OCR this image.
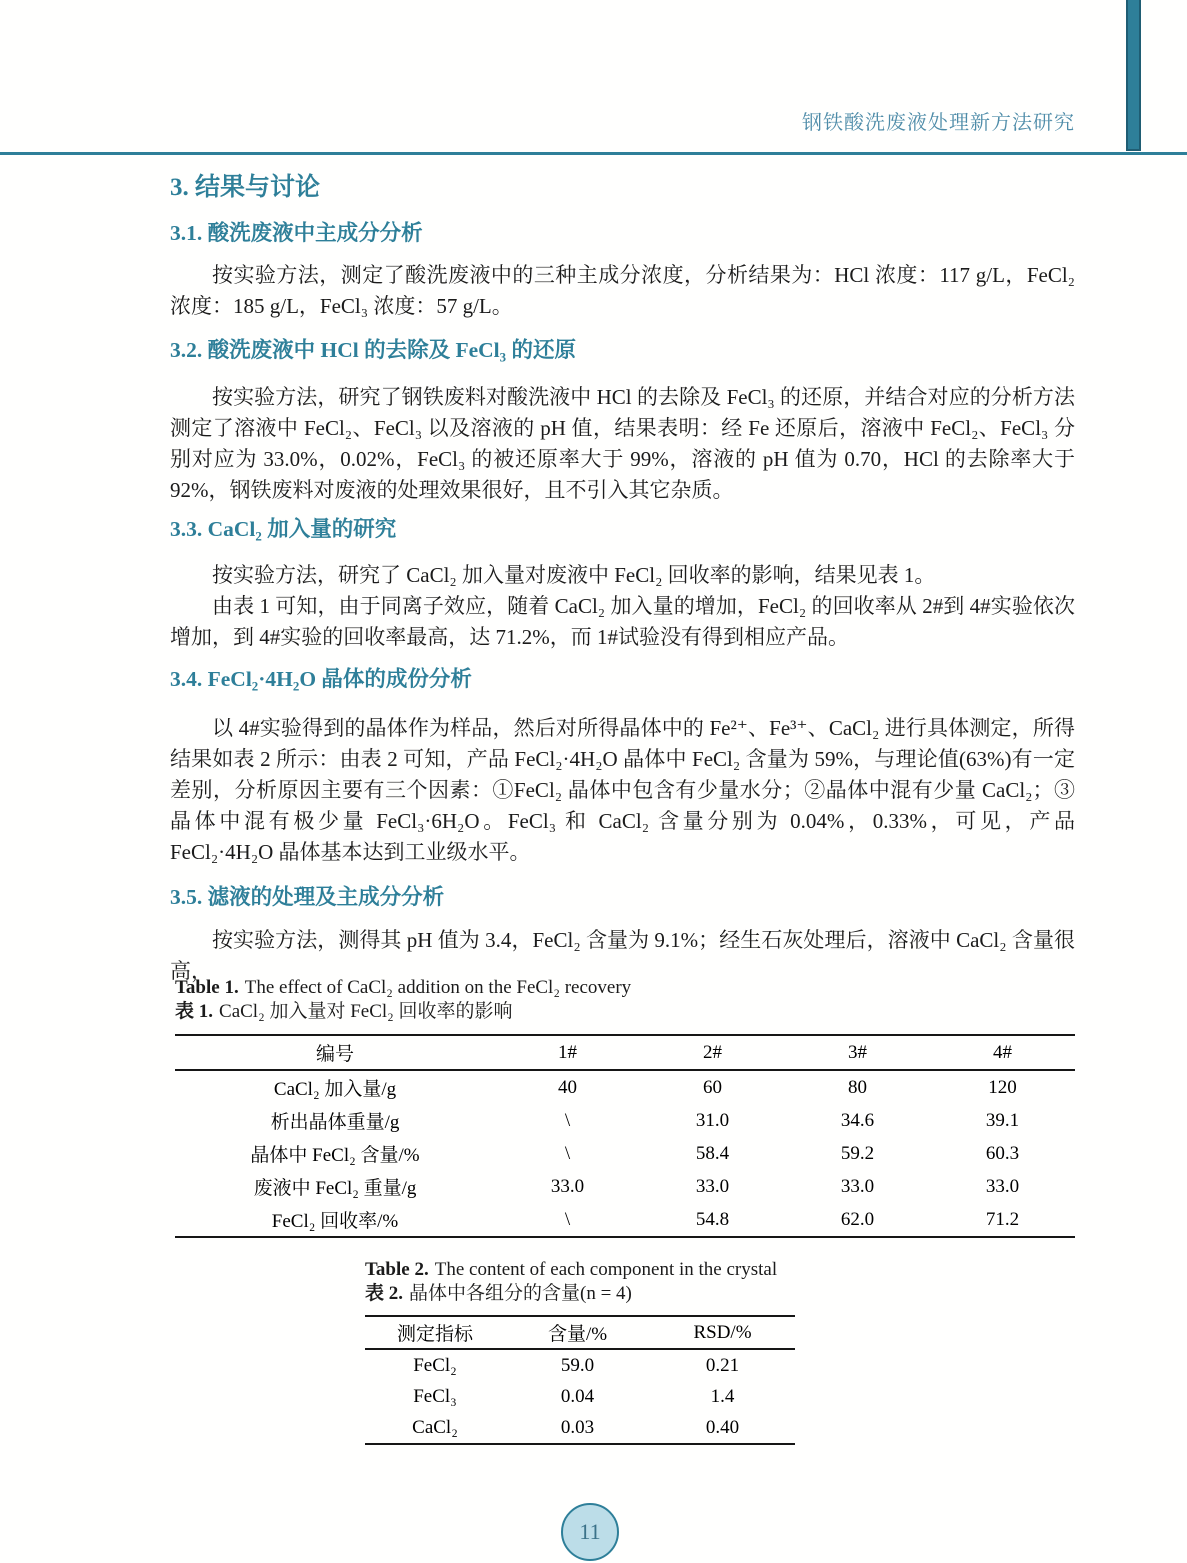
钢铁酸洗废液处理新方法研究
3. 结果与讨论
3.1. 酸洗废液中主成分分析

按实验方法，测定了酸洗废液中的三种主成分浓度，分析结果为：HCl 浓度：117 g/L，FeCl₂浓度：185 g/L，FeCl₃ 浓度：57 g/L。

3.2. 酸洗废液中 HCl 的去除及 FeCl₃ 的还原

按实验方法，研究了钢铁废料对酸洗液中 HCl 的去除及 FeCl₃ 的还原，并结合对应的分析方法测定了溶液中 FeCl₂、FeCl₃ 以及溶液的 pH 值，结果表明：经 Fe 还原后，溶液中 FeCl₂、FeCl₃ 分别对应为 33.0%，0.02%，FeCl₃ 的被还原率大于 99%，溶液的 pH 值为 0.70，HCl 的去除率大于 92%，钢铁废料对废液的处理效果很好，且不引入其它杂质。

3.3. CaCl₂ 加入量的研究

按实验方法，研究了 CaCl₂ 加入量对废液中 FeCl₂ 回收率的影响，结果见表 1。

由表 1 可知，由于同离子效应，随着 CaCl₂ 加入量的增加，FeCl₂ 的回收率从 2#到 4#实验依次增加，到 4#实验的回收率最高，达 71.2%，而 1#试验没有得到相应产品。

3.4. FeCl₂·4H₂O 晶体的成份分析

以 4#实验得到的晶体作为样品，然后对所得晶体中的 Fe²⁺、Fe³⁺、CaCl₂ 进行具体测定，所得结果如表 2 所示：由表 2 可知，产品 FeCl₂·4H₂O 晶体中 FeCl₂ 含量为 59%，与理论值(63%)有一定差别，分析原因主要有三个因素：①FeCl₂ 晶体中包含有少量水分；②晶体中混有少量 CaCl₂；③晶体中混有极少量 FeCl₃·6H₂O。FeCl₃ 和 CaCl₂ 含量分别为 0.04%，0.33%，可见，产品 FeCl₂·4H₂O 晶体基本达到工业级水平。

3.5. 滤液的处理及主成分分析

按实验方法，测得其 pH 值为 3.4，FeCl₂ 含量为 9.1%；经生石灰处理后，溶液中 CaCl₂ 含量很高，

Table 1. The effect of CaCl₂ addition on the FeCl₂ recovery

表 1. CaCl₂ 加入量对 FeCl₂ 回收率的影响

编号	1#	2#	3#	4#
CaCl₂ 加入量/g	40	60	80	120
析出晶体重量/g	\	31.0	34.6	39.1
晶体中 FeCl₂ 含量/%	\	58.4	59.2	60.3
废液中 FeCl₂ 重量/g	33.0	33.0	33.0	33.0
FeCl₂ 回收率/%	\	54.8	62.0	71.2

Table 2. The content of each component in the crystal

表 2. 晶体中各组分的含量(n = 4)

测定指标	含量/%	RSD/%
FeCl₂	59.0	0.21
FeCl₃	0.04	1.4
CaCl₂	0.03	0.40
11
